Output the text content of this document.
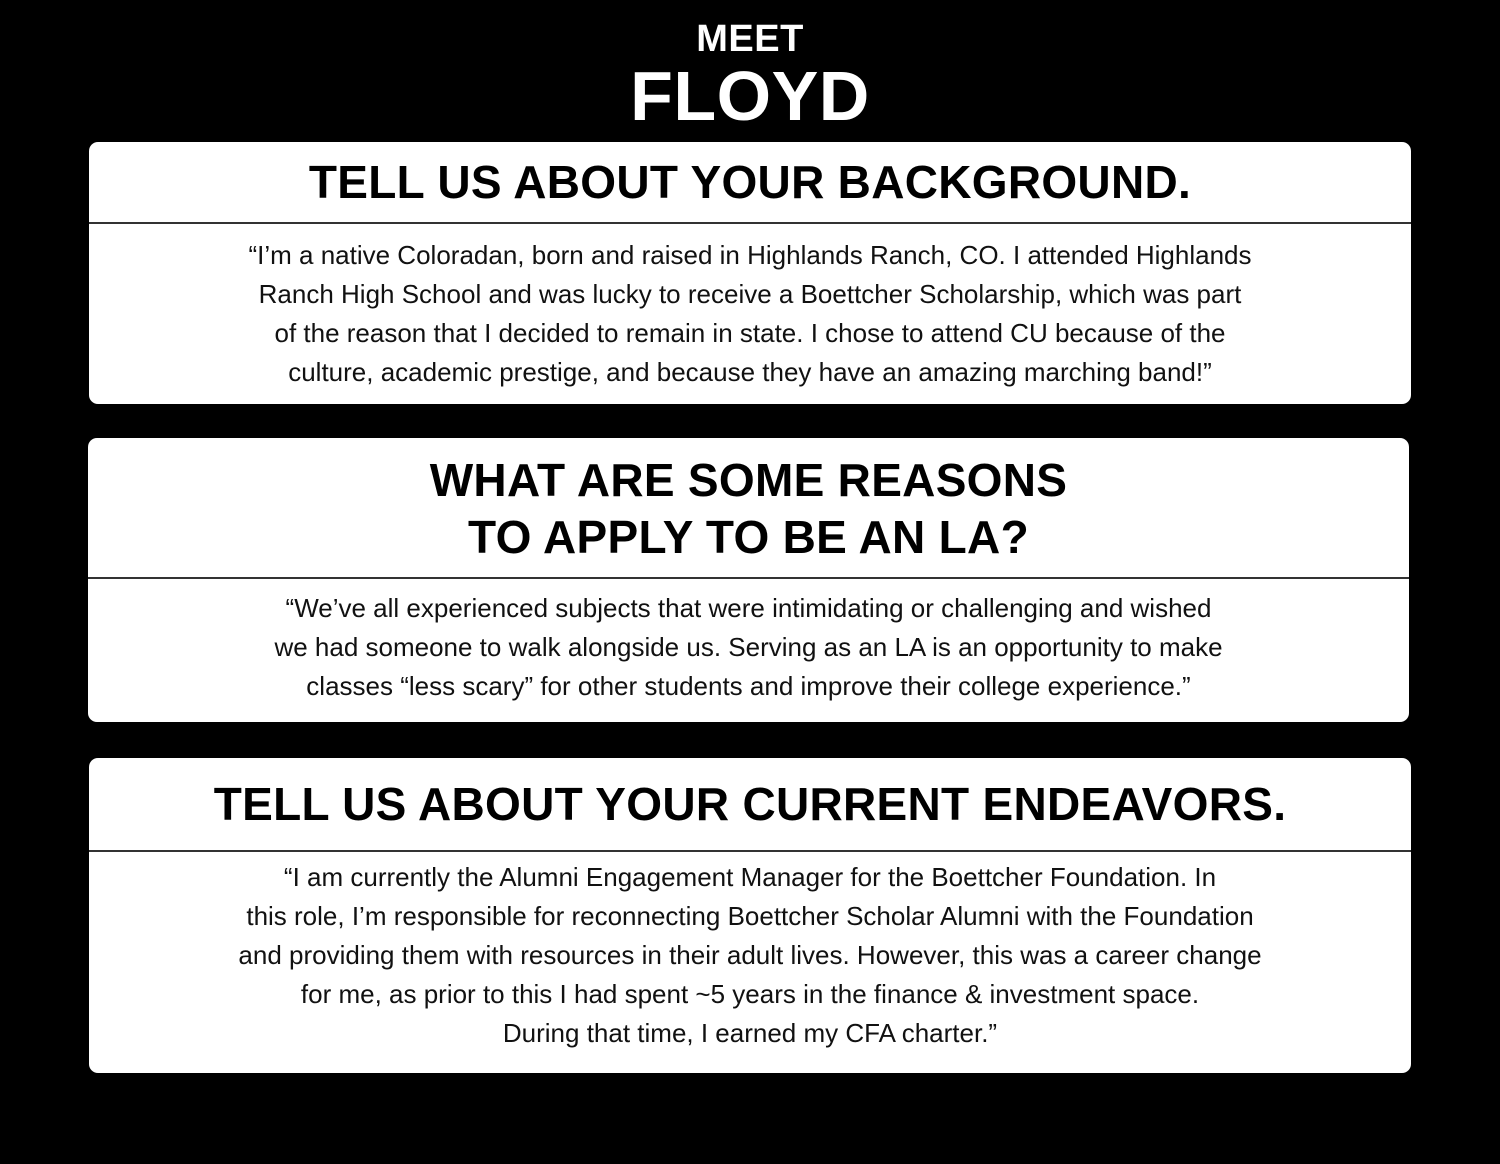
MEET
FLOYD
TELL US ABOUT YOUR BACKGROUND.
“I’m a native Coloradan, born and raised in Highlands Ranch, CO. I attended Highlands
Ranch High School and was lucky to receive a Boettcher Scholarship, which was part
of the reason that I decided to remain in state. I chose to attend CU because of the
culture, academic prestige, and because they have an amazing marching band!”
WHAT ARE SOME REASONS
TO APPLY TO BE AN LA?
“We’ve all experienced subjects that were intimidating or challenging and wished
we had someone to walk alongside us. Serving as an LA is an opportunity to make
classes “less scary” for other students and improve their college experience.”
TELL US ABOUT YOUR CURRENT ENDEAVORS.
“I am currently the Alumni Engagement Manager for the Boettcher Foundation. In
this role, I’m responsible for reconnecting Boettcher Scholar Alumni with the Foundation
and providing them with resources in their adult lives. However, this was a career change
for me, as prior to this I had spent ~5 years in the finance & investment space.
During that time, I earned my CFA charter.”
